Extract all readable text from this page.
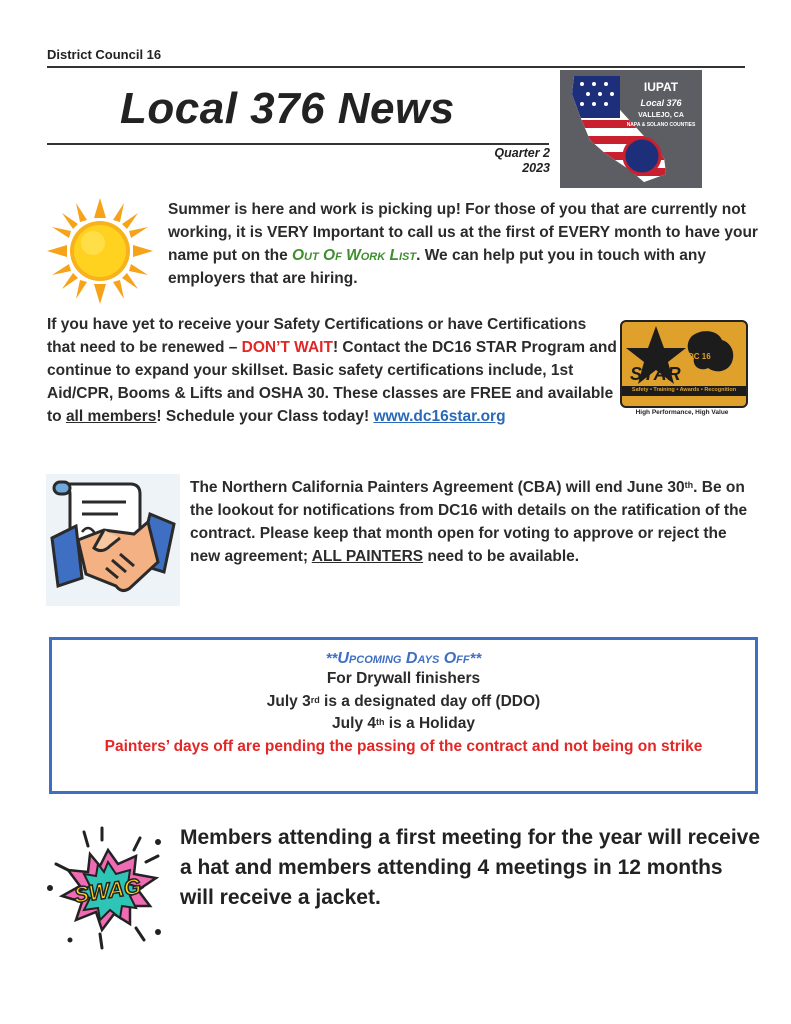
District Council 16
Local 376 News
Quarter 2
2023
IUPAT
Local 376
VALLEJO, CA
NAPA & SOLANO COUNTIES
Summer is here and work is picking up! For those of you that are currently not working, it is VERY Important to call us at the first of EVERY month to have your name put on the Out Of Work List. We can help put you in touch with any employers that are hiring.
If you have yet to receive your Safety Certifications or have Certifications that need to be renewed – DON’T WAIT! Contact the DC16 STAR Program and continue to expand your skillset. Basic safety certifications include, 1st Aid/CPR, Booms & Lifts and OSHA 30. These classes are FREE and available to all members! Schedule your Class today! www.dc16star.org
DC 16
STAR
Safety • Training • Awards • Recognition
High Performance, High Value
The Northern California Painters Agreement (CBA) will end June 30th. Be on the lookout for notifications from DC16 with details on the ratification of the contract. Please keep that month open for voting to approve or reject the new agreement; ALL PAINTERS need to be available.
**Upcoming Days Off**
For Drywall finishers
July 3rd is a designated day off (DDO)
July 4th is a Holiday
Painters’ days off are pending the passing of the contract and not being on strike
SWAG
Members attending a first meeting for the year will receive a hat and members attending 4 meetings in 12 months will receive a jacket.
